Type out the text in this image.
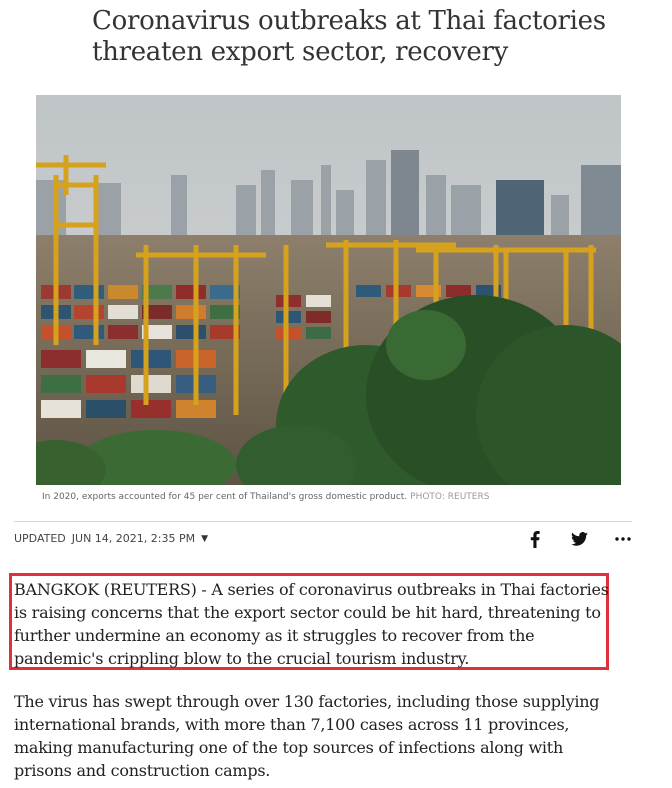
Coronavirus outbreaks at Thai factories threaten export sector, recovery
In 2020, exports accounted for 45 per cent of Thailand's gross domestic product. PHOTO: REUTERS
UPDATED JUN 14, 2021, 2:35 PM ▼

BANGKOK (REUTERS) - A series of coronavirus outbreaks in Thai factories is raising concerns that the export sector could be hit hard, threatening to further undermine an economy as it struggles to recover from the pandemic's crippling blow to the crucial tourism industry.

The virus has swept through over 130 factories, including those supplying international brands, with more than 7,100 cases across 11 provinces, making manufacturing one of the top sources of infections along with prisons and construction camps.
